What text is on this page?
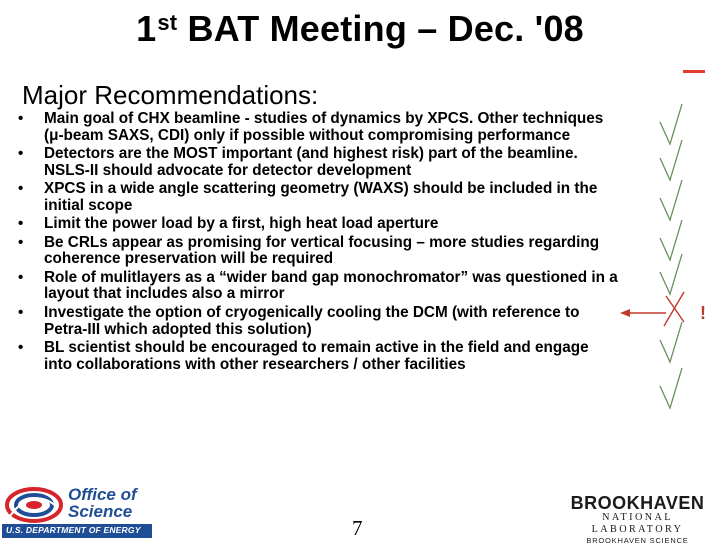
1st BAT Meeting – Dec. '08
Major Recommendations:
• Main goal of CHX beamline - studies of dynamics by XPCS. Other techniques (μ-beam SAXS, CDI) only if possible without compromising performance
• Detectors are the MOST important (and highest risk) part of the beamline. NSLS-II should advocate for detector development
• XPCS in a wide angle scattering geometry (WAXS) should be included in the initial scope
• Limit the power load by a first, high heat load aperture
• Be CRLs appear as promising for vertical focusing – more studies regarding coherence preservation will be required
• Role of mulitlayers as a “wider band gap monochromator” was questioned in a layout that includes also a mirror
• Investigate the option of cryogenically cooling the DCM (with reference to Petra-III which adopted this solution)
• BL scientist should be encouraged to remain active in the field and engage into collaborations with other researchers / other facilities
!
Office of
Science
U.S. DEPARTMENT OF ENERGY	7
BROOKHAVEN
NATIONAL LABORATORY
BROOKHAVEN SCIENCE
